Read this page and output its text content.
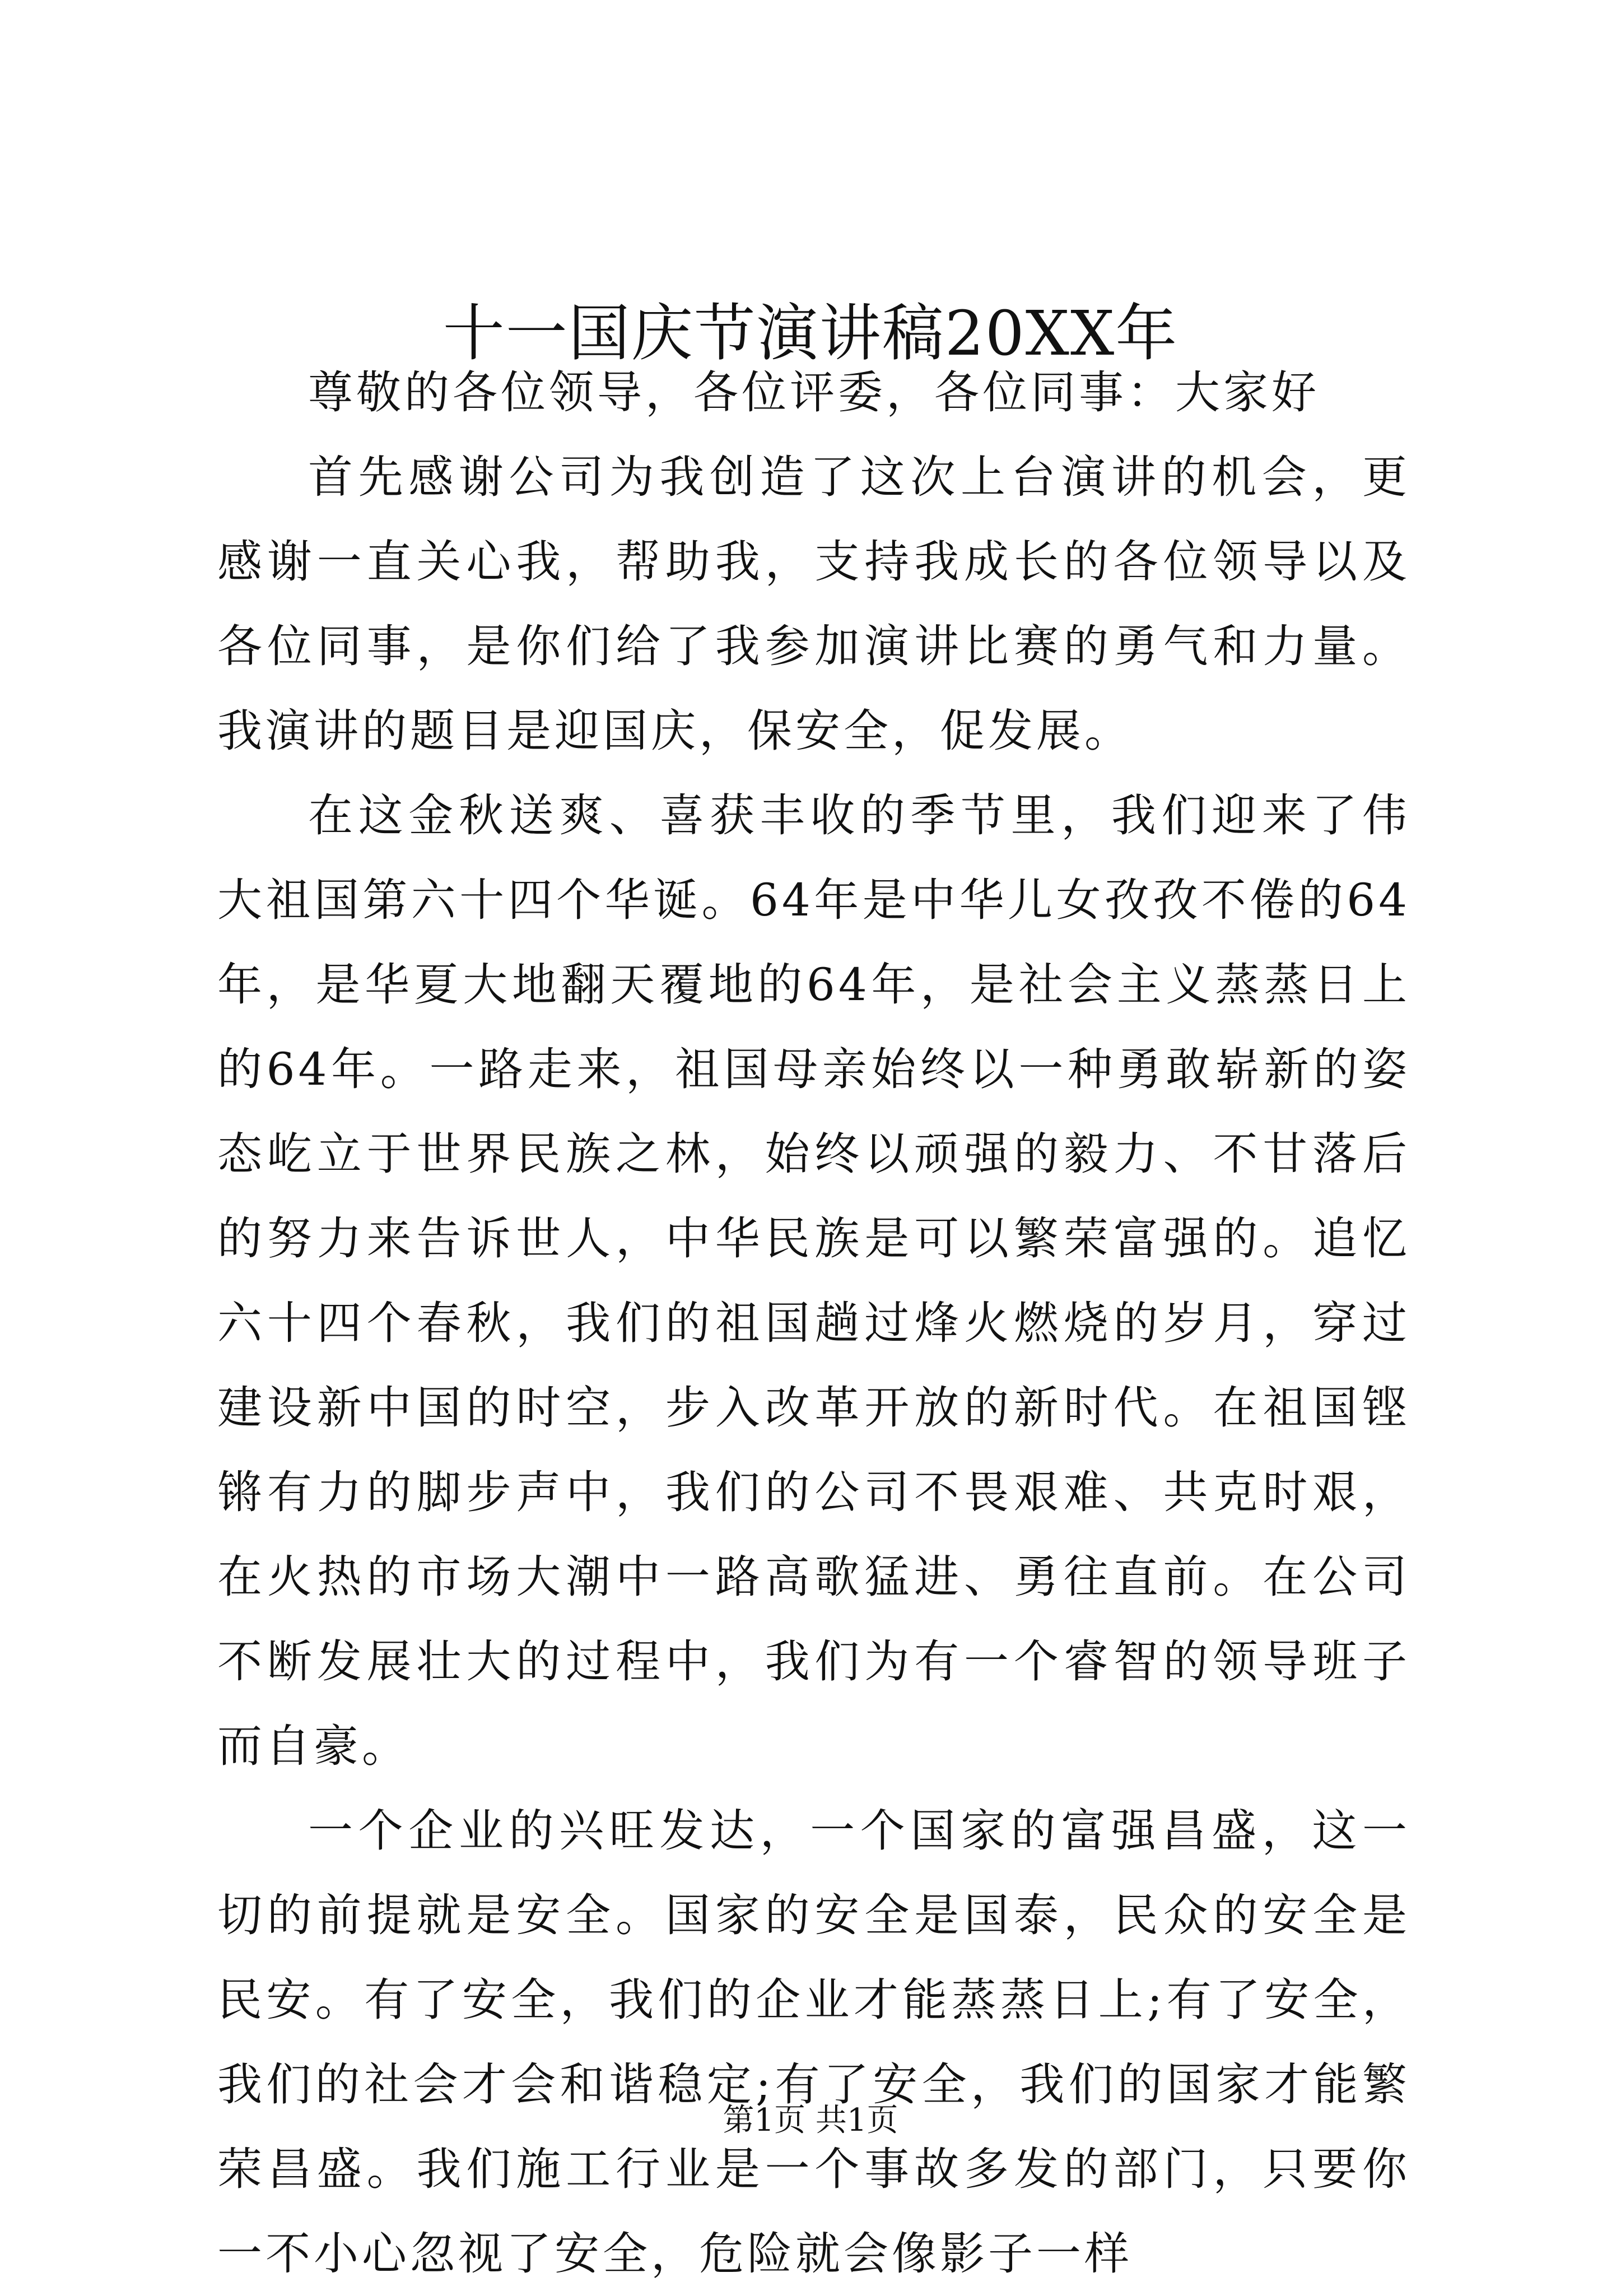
十一国庆节演讲稿20XX年

尊敬的各位领导，各位评委，各位同事：大家好

首先感谢公司为我创造了这次上台演讲的机会，更感谢一直关心我，帮助我，支持我成长的各位领导以及各位同事，是你们给了我参加演讲比赛的勇气和力量。我演讲的题目是迎国庆，保安全，促发展。

在这金秋送爽、喜获丰收的季节里，我们迎来了伟大祖国第六十四个华诞。64年是中华儿女孜孜不倦的64年，是华夏大地翻天覆地的64年，是社会主义蒸蒸日上的64年。一路走来，祖国母亲始终以一种勇敢崭新的姿态屹立于世界民族之林，始终以顽强的毅力、不甘落后的努力来告诉世人，中华民族是可以繁荣富强的。追忆六十四个春秋，我们的祖国趟过烽火燃烧的岁月，穿过建设新中国的时空，步入改革开放的新时代。在祖国铿锵有力的脚步声中，我们的公司不畏艰难、共克时艰，在火热的市场大潮中一路高歌猛进、勇往直前。在公司不断发展壮大的过程中，我们为有一个睿智的领导班子而自豪。

一个企业的兴旺发达，一个国家的富强昌盛，这一切的前提就是安全。国家的安全是国泰，民众的安全是民安。有了安全，我们的企业才能蒸蒸日上;有了安全，我们的社会才会和谐稳定;有了安全，我们的国家才能繁荣昌盛。我们施工行业是一个事故多发的部门，只要你一不小心忽视了安全，危险就会像影子一样

第1页 共1页
